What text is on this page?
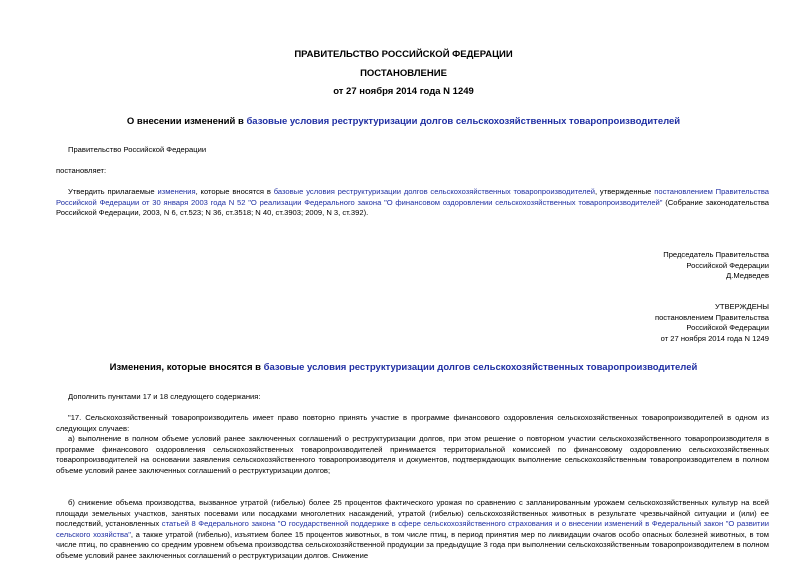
ПРАВИТЕЛЬСТВО РОССИЙСКОЙ ФЕДЕРАЦИИ
ПОСТАНОВЛЕНИЕ
от 27 ноября 2014 года N 1249
О внесении изменений в базовые условия реструктуризации долгов сельскохозяйственных товаропроизводителей
Правительство Российской Федерации
постановляет:
Утвердить прилагаемые изменения, которые вносятся в базовые условия реструктуризации долгов сельскохозяйственных товаропроизводителей, утвержденные постановлением Правительства Российской Федерации от 30 января 2003 года N 52 "О реализации Федерального закона "О финансовом оздоровлении сельскохозяйственных товаропроизводителей" (Собрание законодательства Российской Федерации, 2003, N 6, ст.523; N 36, ст.3518; N 40, ст.3903; 2009, N 3, ст.392).
Председатель Правительства
Российской Федерации
Д.Медведев
УТВЕРЖДЕНЫ
постановлением Правительства
Российской Федерации
от 27 ноября 2014 года N 1249
Изменения, которые вносятся в базовые условия реструктуризации долгов сельскохозяйственных товаропроизводителей
Дополнить пунктами 17 и 18 следующего содержания:
"17. Сельскохозяйственный товаропроизводитель имеет право повторно принять участие в программе финансового оздоровления сельскохозяйственных товаропроизводителей в одном из следующих случаев:
а) выполнение в полном объеме условий ранее заключенных соглашений о реструктуризации долгов, при этом решение о повторном участии сельскохозяйственного товаропроизводителя в программе финансового оздоровления сельскохозяйственных товаропроизводителей принимается территориальной комиссией по финансовому оздоровлению сельскохозяйственных товаропроизводителей на основании заявления сельскохозяйственного товаропроизводителя и документов, подтверждающих выполнение сельскохозяйственным товаропроизводителем в полном объеме условий ранее заключенных соглашений о реструктуризации долгов;
б) снижение объема производства, вызванное утратой (гибелью) более 25 процентов фактического урожая по сравнению с запланированным урожаем сельскохозяйственных культур на всей площади земельных участков, занятых посевами или посадками многолетних насаждений, утратой (гибелью) сельскохозяйственных животных в результате чрезвычайной ситуации и (или) ее последствий, установленных статьей 8 Федерального закона "О государственной поддержке в сфере сельскохозяйственного страхования и о внесении изменений в Федеральный закон "О развитии сельского хозяйства", а также утратой (гибелью), изъятием более 15 процентов животных, в том числе птиц, в период принятия мер по ликвидации очагов особо опасных болезней животных, в том числе птиц, по сравнению со средним уровнем объема производства сельскохозяйственной продукции за предыдущие 3 года при выполнении сельскохозяйственным товаропроизводителем в полном объеме условий ранее заключенных соглашений о реструктуризации долгов. Снижение
